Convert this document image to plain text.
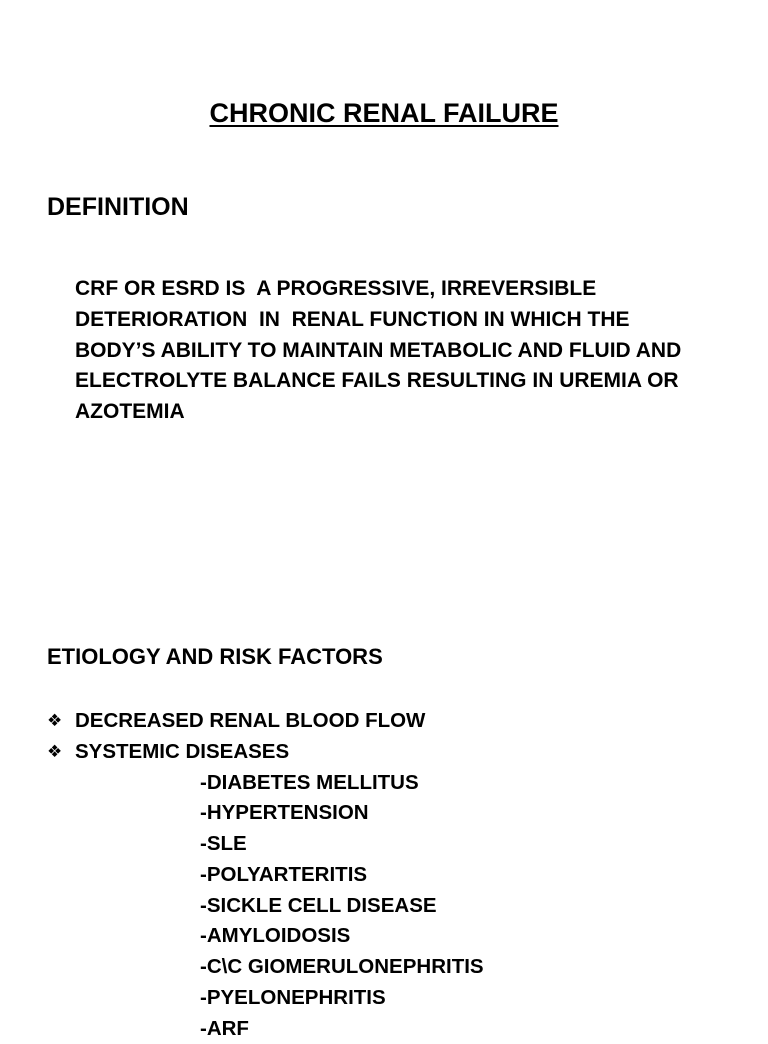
CHRONIC RENAL FAILURE
DEFINITION
CRF OR ESRD IS  A PROGRESSIVE, IRREVERSIBLE
DETERIORATION  IN  RENAL FUNCTION IN WHICH THE
BODY’S ABILITY TO MAINTAIN METABOLIC AND FLUID AND
ELECTROLYTE BALANCE FAILS RESULTING IN UREMIA OR
AZOTEMIA
ETIOLOGY AND RISK FACTORS
❖ DECREASED RENAL BLOOD FLOW
❖ SYSTEMIC DISEASES
-DIABETES MELLITUS
-HYPERTENSION
-SLE
-POLYARTERITIS
-SICKLE CELL DISEASE
-AMYLOIDOSIS
-C\C GIOMERULONEPHRITIS
-PYELONEPHRITIS
-ARF
